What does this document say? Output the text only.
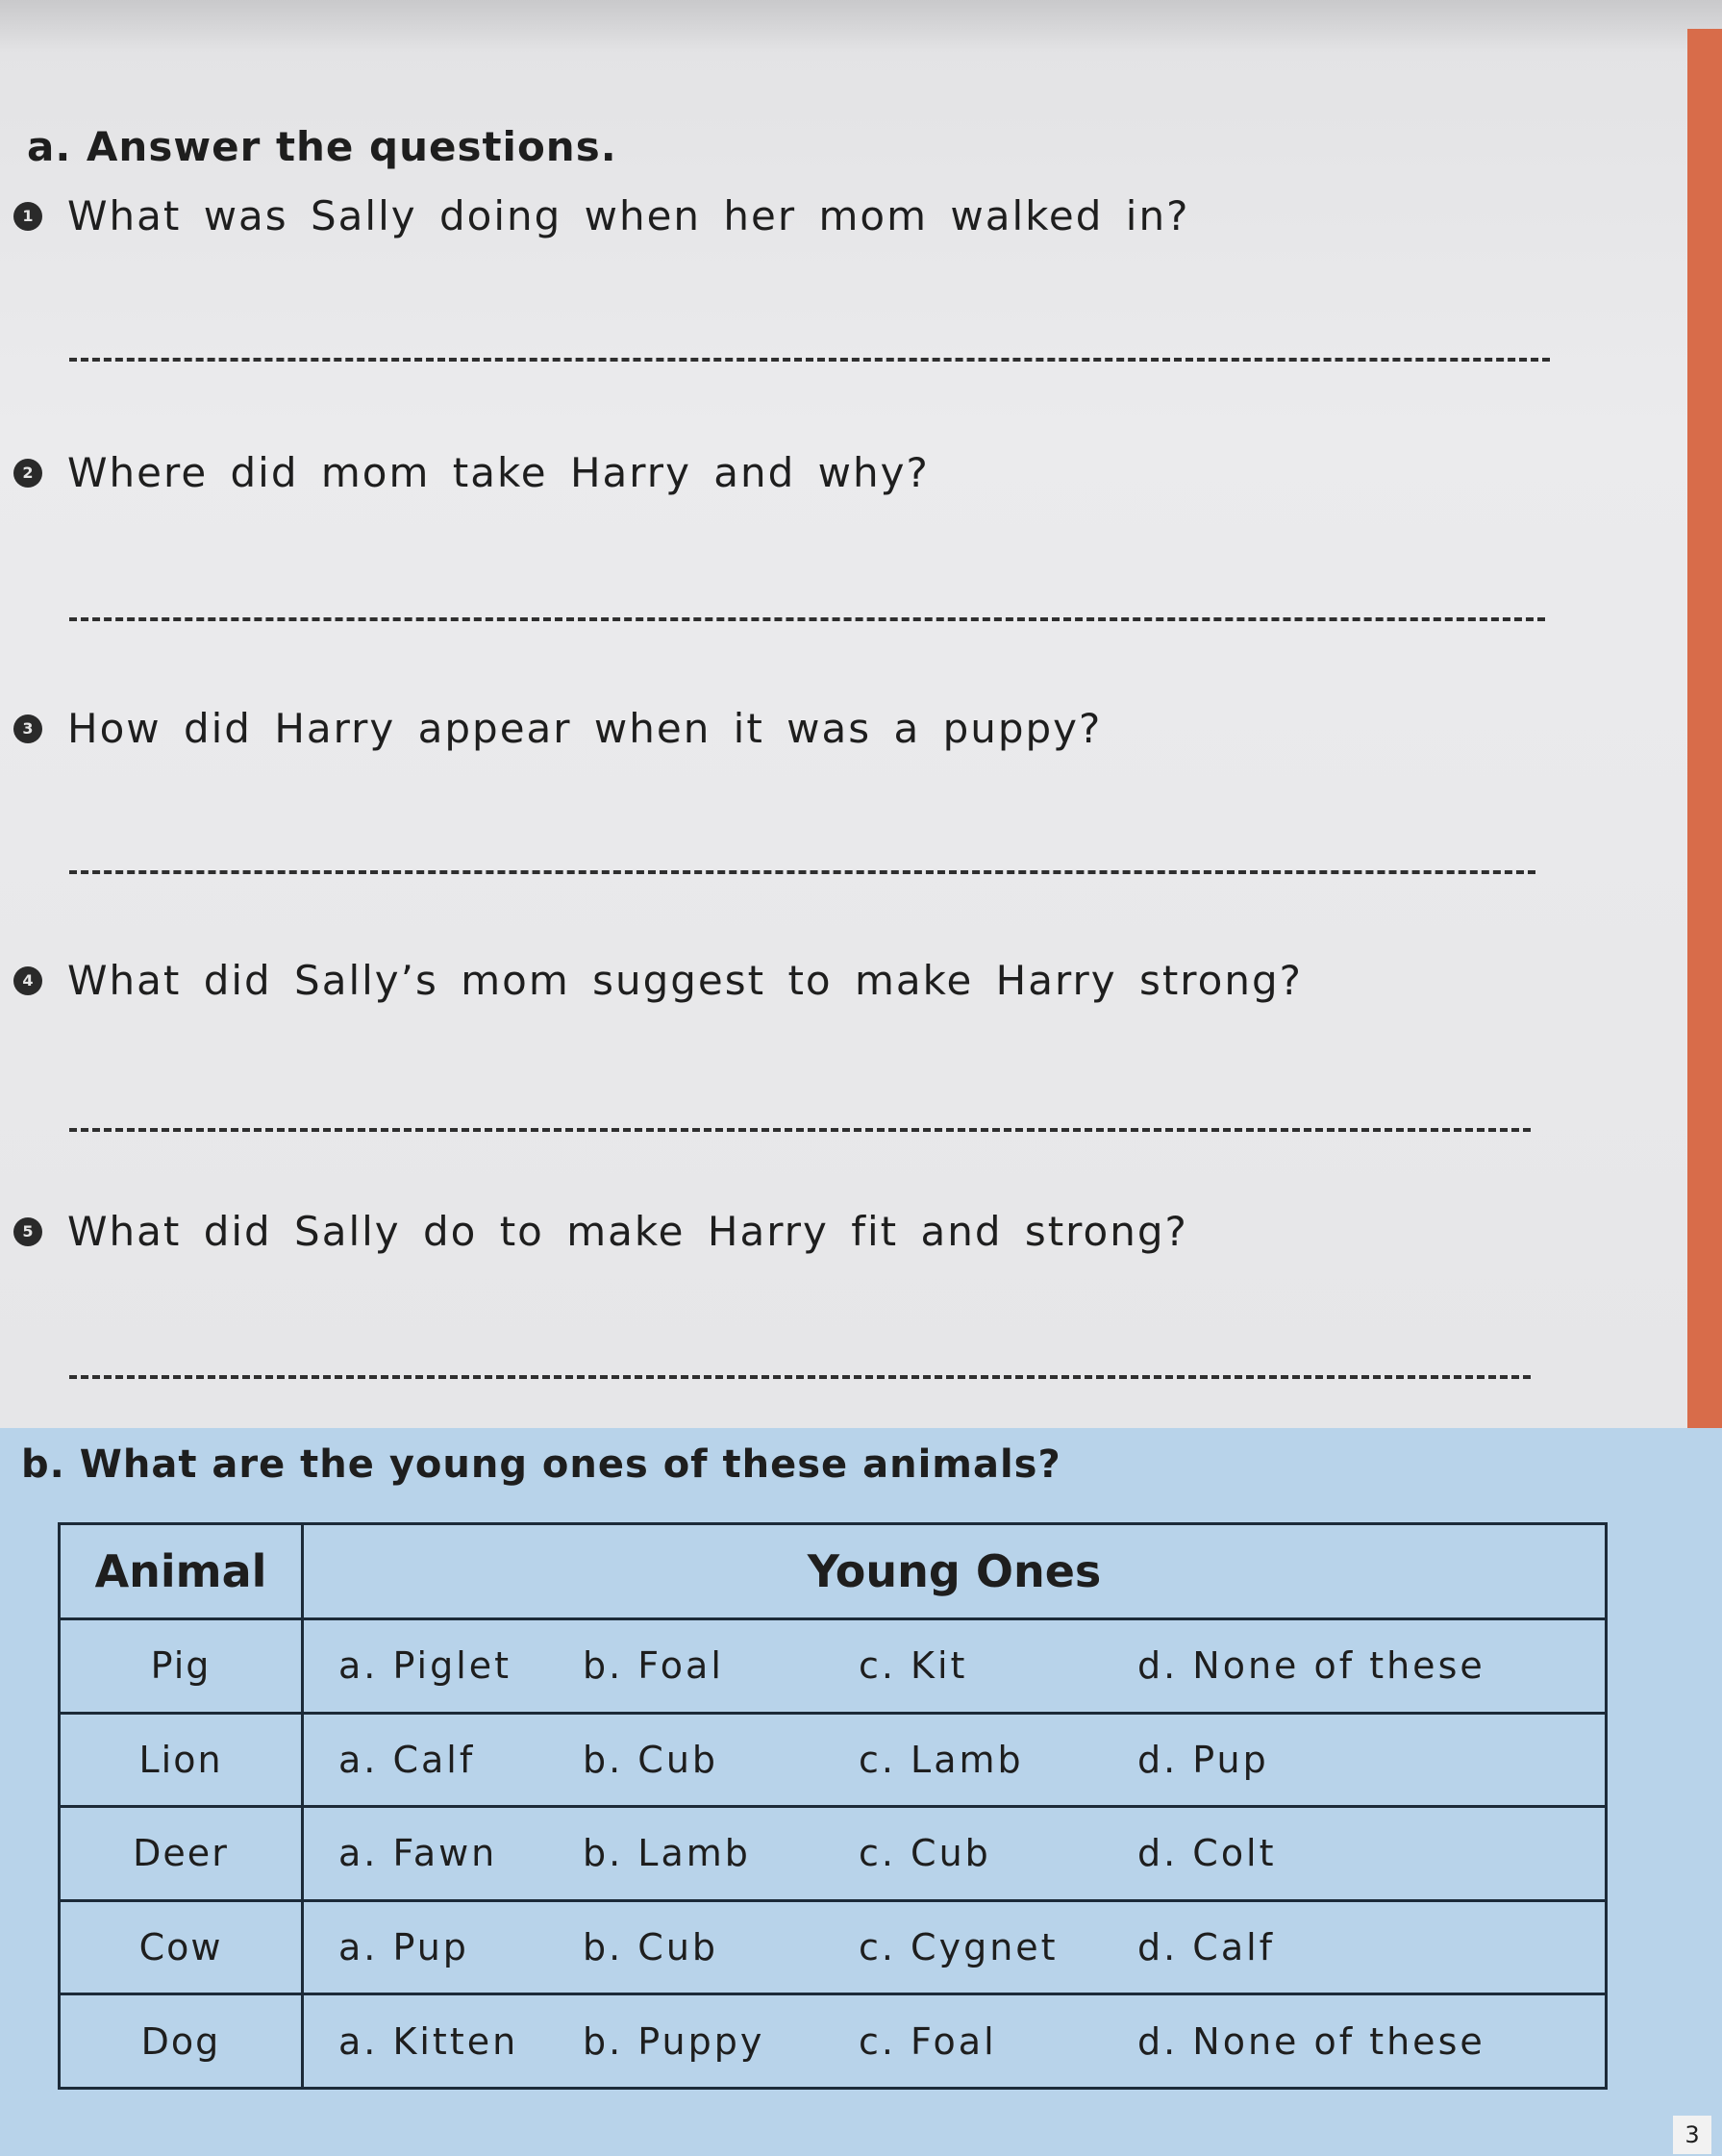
a. Answer the questions.
1 What was Sally doing when her mom walked in?
2 Where did mom take Harry and why?
3 How did Harry appear when it was a puppy?
4 What did Sally’s mom suggest to make Harry strong?
5 What did Sally do to make Harry fit and strong?
b. What are the young ones of these animals?
Animal	Young Ones
Pig	a. Piglet b. Foal c. Kit d. None of these

Lion	a. Calf b. Cub c. Lamb d. Pup

Deer	a. Fawn b. Lamb c. Cub d. Colt

Cow	a. Pup b. Cub c. Cygnet d. Calf

Dog	a. Kitten b. Puppy c. Foal d. None of these
3
